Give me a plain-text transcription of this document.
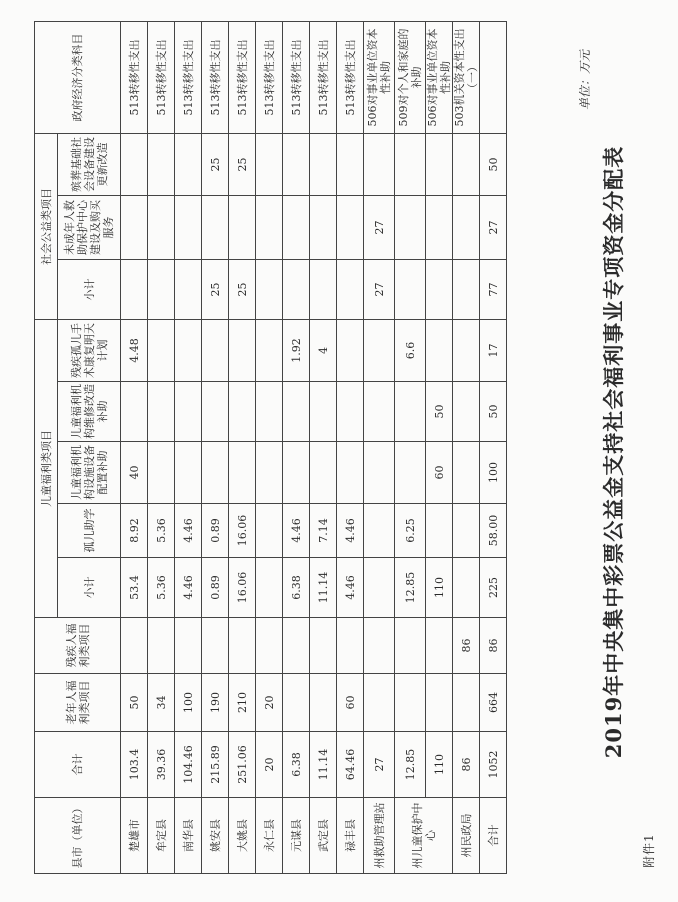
附件1
2019年中央集中彩票公益金支持社会福利事业专项资金分配表
单位：万元
县市（单位）	合计	老年人福利类项目	残疾人福利类项目	儿童福利类项目					社会公益类项目			政府经济分类科目
				小计	孤儿助学	儿童福利机构设施设备配置补助	儿童福利机构维修改造补助	残疾孤儿手术康复明天计划	小计	未成年人救助保护中心建设及购买服务	殡葬基础社会设备建设更新改造	

楚雄市	103.4	50		53.4	8.92	40		4.48				513转移性支出
牟定县	39.36	34		5.36	5.36							513转移性支出
南华县	104.46	100		4.46	4.46							513转移性支出
姚安县	215.89	190		0.89	0.89				25		25	513转移性支出
大姚县	251.06	210		16.06	16.06				25		25	513转移性支出
永仁县	20	20										513转移性支出
元谋县	6.38			6.38	4.46			1.92				513转移性支出
武定县	11.14			11.14	7.14			4				513转移性支出
禄丰县	64.46	60		4.46	4.46							513转移性支出
州救助管理站	27								27	27		506对事业单位资本性补助
州儿童保护中心	12.85			12.85	6.25			6.6				509对个人和家庭的补助
	110			110		60	50					506对事业单位资本性补助
州民政局	86		86									503机关资本性支出（一）
合计	1052	664	86	225	58.00	100	50	17	77	27	50	
